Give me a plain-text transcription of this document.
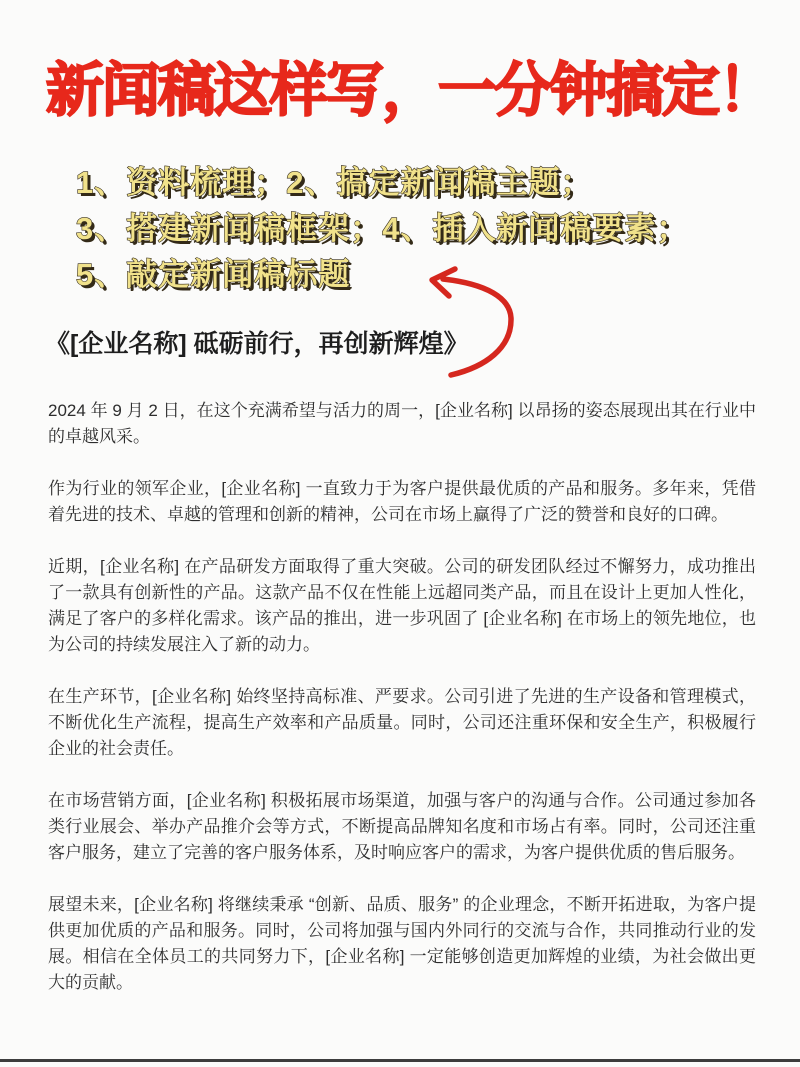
新闻稿这样写，一分钟搞定！
1、资料梳理；2、搞定新闻稿主题；
3、搭建新闻稿框架；4、插入新闻稿要素；
5、敲定新闻稿标题
《[企业名称] 砥砺前行，再创新辉煌》

2024 年 9 月 2 日，在这个充满希望与活力的周一，[企业名称] 以昂扬的姿态展现出其在行业中的卓越风采。

作为行业的领军企业，[企业名称] 一直致力于为客户提供最优质的产品和服务。多年来，凭借着先进的技术、卓越的管理和创新的精神，公司在市场上赢得了广泛的赞誉和良好的口碑。

近期，[企业名称] 在产品研发方面取得了重大突破。公司的研发团队经过不懈努力，成功推出了一款具有创新性的产品。这款产品不仅在性能上远超同类产品，而且在设计上更加人性化，满足了客户的多样化需求。该产品的推出，进一步巩固了 [企业名称] 在市场上的领先地位，也为公司的持续发展注入了新的动力。

在生产环节，[企业名称] 始终坚持高标准、严要求。公司引进了先进的生产设备和管理模式，不断优化生产流程，提高生产效率和产品质量。同时，公司还注重环保和安全生产，积极履行企业的社会责任。

在市场营销方面，[企业名称] 积极拓展市场渠道，加强与客户的沟通与合作。公司通过参加各类行业展会、举办产品推介会等方式，不断提高品牌知名度和市场占有率。同时，公司还注重客户服务，建立了完善的客户服务体系，及时响应客户的需求，为客户提供优质的售后服务。

展望未来，[企业名称] 将继续秉承 “创新、品质、服务” 的企业理念，不断开拓进取，为客户提供更加优质的产品和服务。同时，公司将加强与国内外同行的交流与合作，共同推动行业的发展。相信在全体员工的共同努力下，[企业名称] 一定能够创造更加辉煌的业绩，为社会做出更大的贡献。
